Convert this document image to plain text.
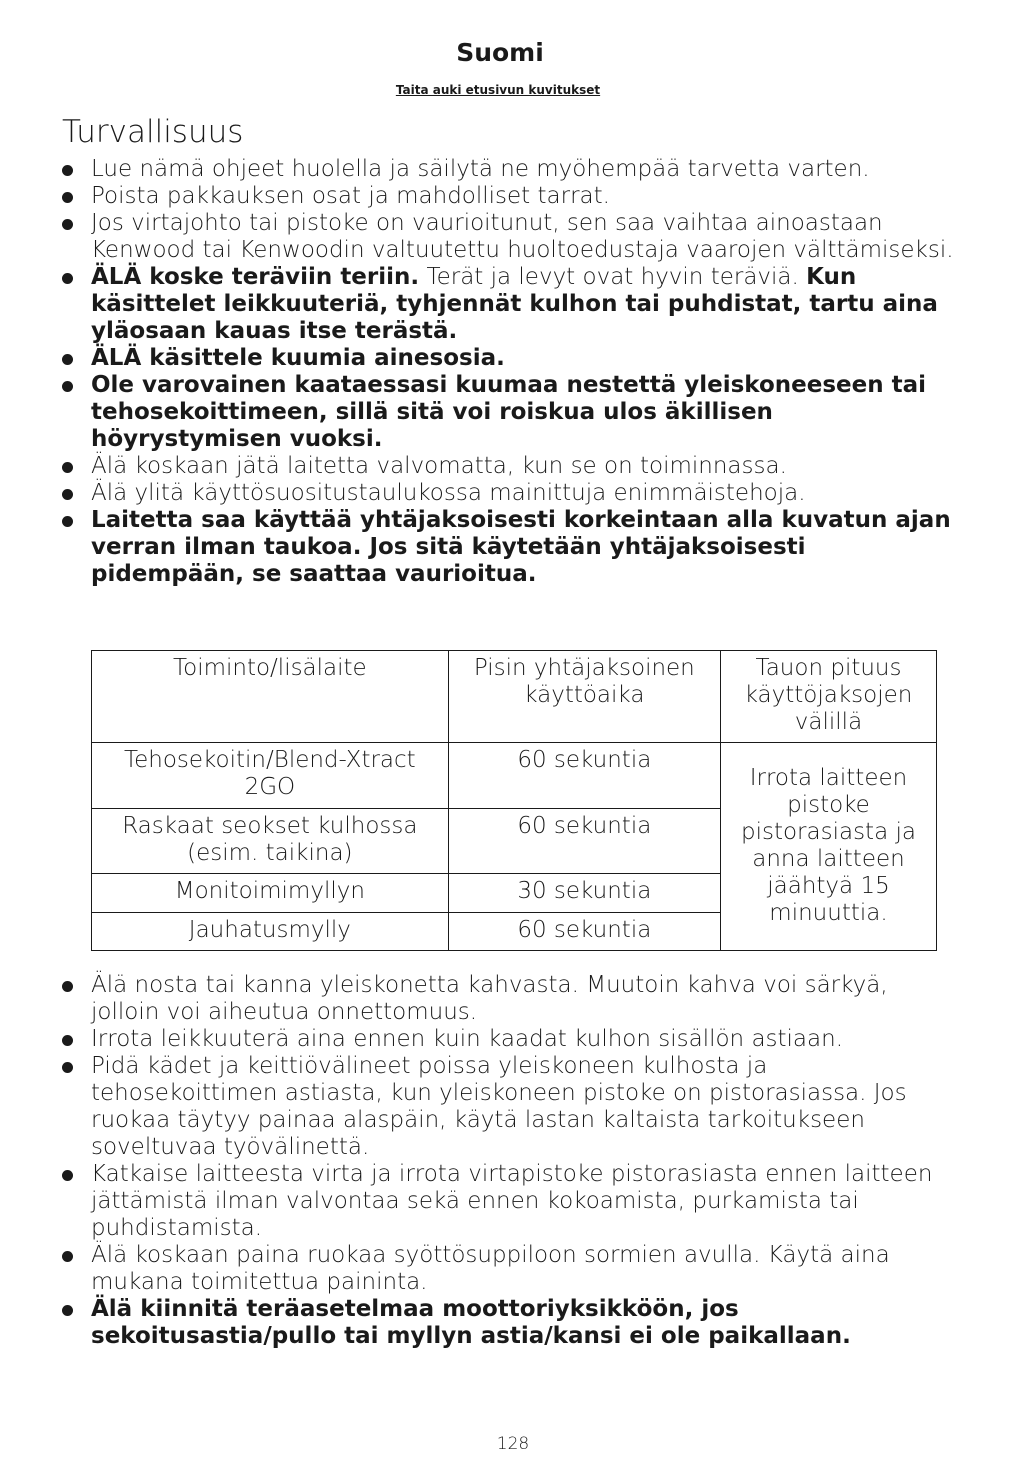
Suomi
Taita auki etusivun kuvitukset
Turvallisuus
Lue nämä ohjeet huolella ja säilytä ne myöhempää tarvetta varten.
Poista pakkauksen osat ja mahdolliset tarrat.
Jos virtajohto tai pistoke on vaurioitunut, sen saa vaihtaa ainoastaan Kenwood tai Kenwoodin valtuutettu huoltoedustaja vaarojen välttämiseksi.
ÄLÄ koske teräviin teriin. Terät ja levyt ovat hyvin teräviä. Kun käsittelet leikkuuteriä, tyhjennät kulhon tai puhdistat, tartu aina yläosaan kauas itse terästä.
ÄLÄ käsittele kuumia ainesosia.
Ole varovainen kaataessasi kuumaa nestettä yleiskoneeseen tai tehosekoittimeen, sillä sitä voi roiskua ulos äkillisen höyrystymisen vuoksi.
Älä koskaan jätä laitetta valvomatta, kun se on toiminnassa.
Älä ylitä käyttösuositustaulukossa mainittuja enimmäistehoja.
Laitetta saa käyttää yhtäjaksoisesti korkeintaan alla kuvatun ajan verran ilman taukoa. Jos sitä käytetään yhtäjaksoisesti pidempään, se saattaa vaurioitua.
Toiminto/lisälaite	Pisin yhtäjaksoinen käyttöaika	Tauon pituus käyttöjaksojen välillä
Tehosekoitin/Blend-Xtract 2GO	60 sekuntia	Irrota laitteen pistoke pistorasiasta ja anna laitteen jäähtyä 15 minuuttia.
Raskaat seokset kulhossa (esim. taikina)	60 sekuntia	
Monitoimimyllyn	30 sekuntia	
Jauhatusmylly	60 sekuntia	
Älä nosta tai kanna yleiskonetta kahvasta. Muutoin kahva voi särkyä, jolloin voi aiheutua onnettomuus.
Irrota leikkuuterä aina ennen kuin kaadat kulhon sisällön astiaan.
Pidä kädet ja keittiövälineet poissa yleiskoneen kulhosta ja tehosekoittimen astiasta, kun yleiskoneen pistoke on pistorasiassa. Jos ruokaa täytyy painaa alaspäin, käytä lastan kaltaista tarkoitukseen soveltuvaa työvälinettä.
Katkaise laitteesta virta ja irrota virtapistoke pistorasiasta ennen laitteen jättämistä ilman valvontaa sekä ennen kokoamista, purkamista tai puhdistamista.
Älä koskaan paina ruokaa syöttösuppiloon sormien avulla. Käytä aina mukana toimitettua paininta.
Älä kiinnitä teräasetelmaa moottoriyksikköön, jos sekoitusastia/pullo tai myllyn astia/kansi ei ole paikallaan.
128
